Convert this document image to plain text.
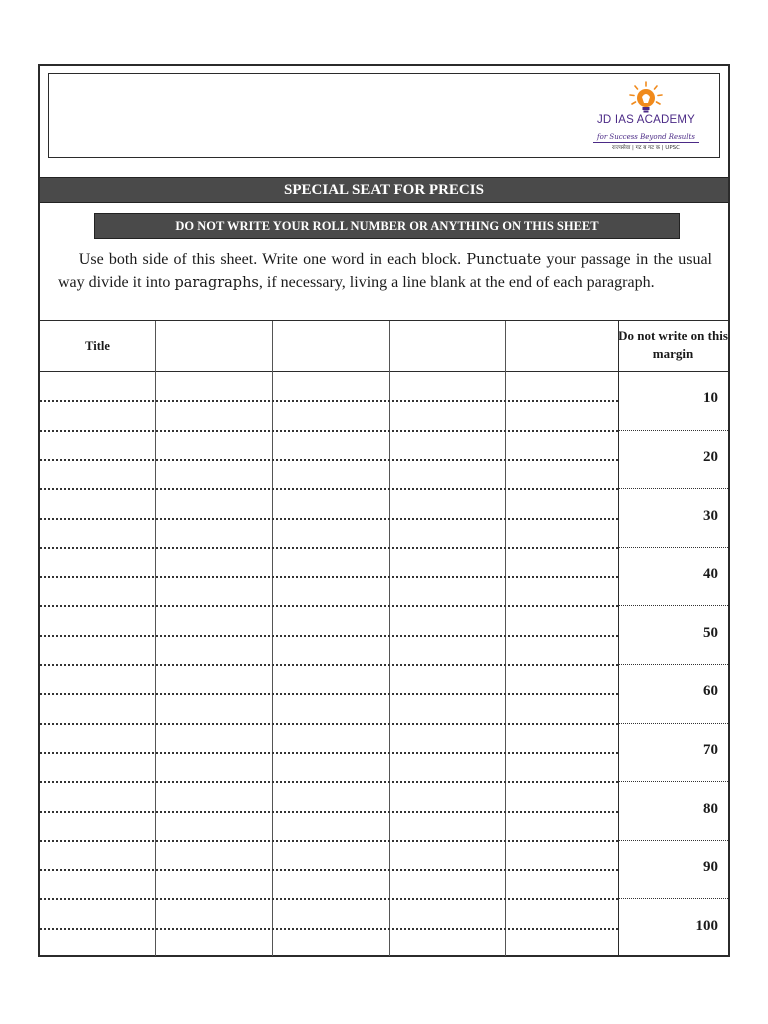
JD IAS ACADEMY
for Success Beyond Results
राज्यसेवा | गट ब गट क | UPSC
SPECIAL SEAT FOR PRECIS
DO NOT WRITE YOUR ROLL NUMBER OR ANYTHING ON THIS SHEET
Use both side of this sheet. Write one word in each block. Punctuate your passage in the usual way divide it into paragraphs, if necessary, living a line blank at the end of each paragraph.
Title
Do not write on this margin
10
20
30
40
50
60
70
80
90
100
